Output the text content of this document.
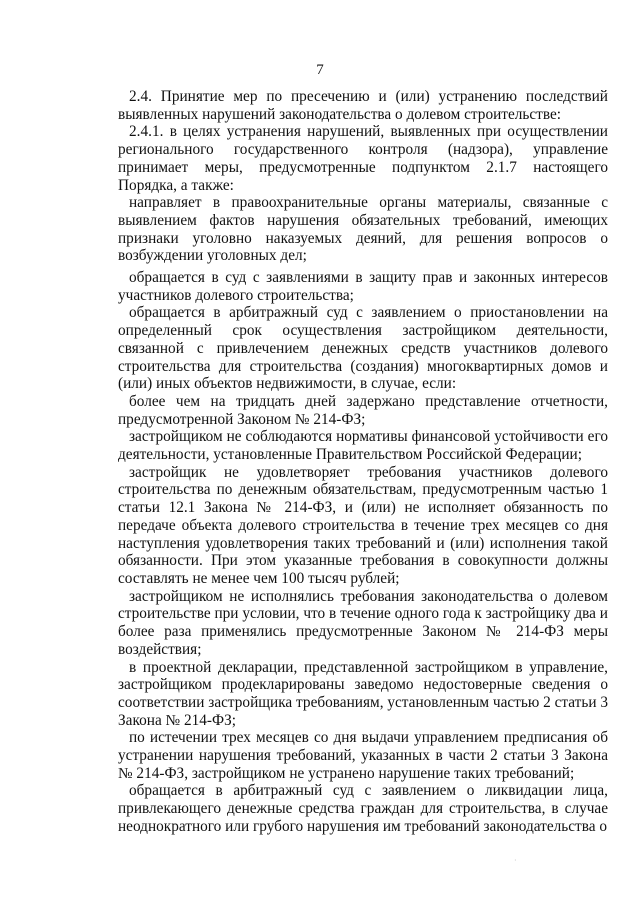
7

2.4. Принятие мер по пресечению и (или) устранению последствий выявленных нарушений законодательства о долевом строительстве:

2.4.1. в целях устранения нарушений, выявленных при осуществлении регионального государственного контроля (надзора), управление принимает меры, предусмотренные подпунктом 2.1.7 настоящего Порядка, а также:

направляет в правоохранительные органы материалы, связанные с выявлением фактов нарушения обязательных требований, имеющих признаки уголовно наказуемых деяний, для решения вопросов о возбуждении уголовных дел;

обращается в суд с заявлениями в защиту прав и законных интересов участников долевого строительства;

обращается в арбитражный суд с заявлением о приостановлении на определенный срок осуществления застройщиком деятельности, связанной с привлечением денежных средств участников долевого строительства для строительства (создания) многоквартирных домов и (или) иных объектов недвижимости, в случае, если:

более чем на тридцать дней задержано представление отчетности, предусмотренной Законом № 214-ФЗ;

застройщиком не соблюдаются нормативы финансовой устойчивости его деятельности, установленные Правительством Российской Федерации;

застройщик не удовлетворяет требования участников долевого строительства по денежным обязательствам, предусмотренным частью 1 статьи 12.1 Закона № 214-ФЗ, и (или) не исполняет обязанность по передаче объекта долевого строительства в течение трех месяцев со дня наступления удовлетворения таких требований и (или) исполнения такой обязанности. При этом указанные требования в совокупности должны составлять не менее чем 100 тысяч рублей;

застройщиком не исполнялись требования законодательства о долевом строительстве при условии, что в течение одного года к застройщику два и более раза применялись предусмотренные Законом № 214-ФЗ меры воздействия;

в проектной декларации, представленной застройщиком в управление, застройщиком продекларированы заведомо недостоверные сведения о соответствии застройщика требованиям, установленным частью 2 статьи 3 Закона № 214-ФЗ;

по истечении трех месяцев со дня выдачи управлением предписания об устранении нарушения требований, указанных в части 2 статьи 3 Закона № 214-ФЗ, застройщиком не устранено нарушение таких требований;

обращается в арбитражный суд с заявлением о ликвидации лица, привлекающего денежные средства граждан для строительства, в случае неоднократного или грубого нарушения им требований законодательства о

·
